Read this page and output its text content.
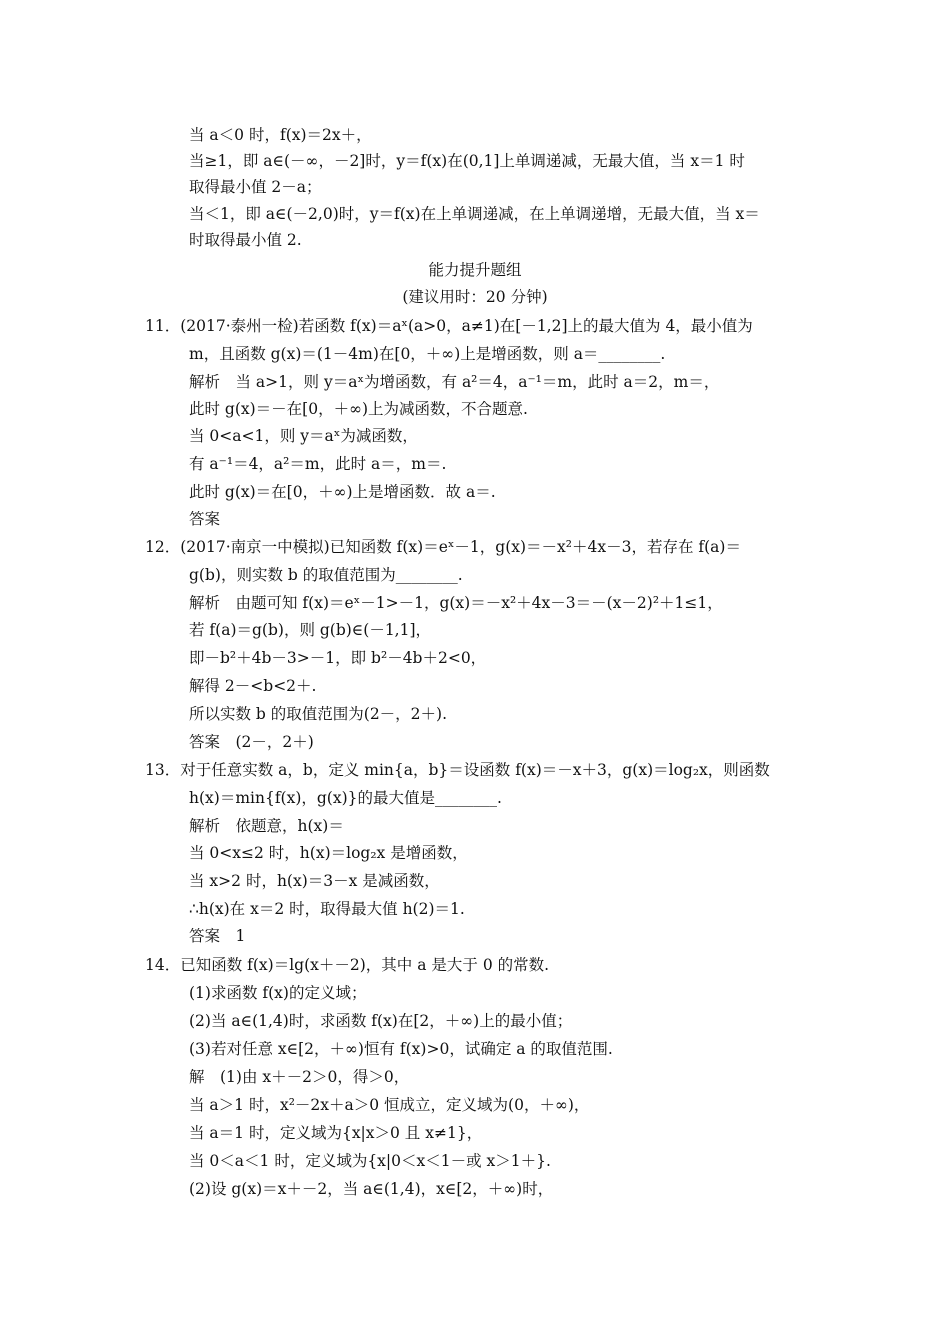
当 a＜0 时，f(x)＝2x＋，
当≥1，即 a∈(－∞，－2]时，y＝f(x)在(0,1]上单调递减，无最大值，当 x＝1 时
取得最小值 2－a；
当＜1，即 a∈(－2,0)时，y＝f(x)在上单调递减，在上单调递增，无最大值，当 x＝
时取得最小值 2.
能力提升题组
(建议用时：20 分钟)
11．(2017·泰州一检)若函数 f(x)＝aˣ(a>0，a≠1)在[－1,2]上的最大值为 4，最小值为
m，且函数 g(x)＝(1－4m)在[0，＋∞)上是增函数，则 a＝________.
解析　当 a>1，则 y＝aˣ为增函数，有 a²＝4，a⁻¹＝m，此时 a＝2，m＝，
此时 g(x)＝－在[0，＋∞)上为减函数，不合题意.
当 0<a<1，则 y＝aˣ为减函数，
有 a⁻¹＝4，a²＝m，此时 a＝，m＝.
此时 g(x)＝在[0，＋∞)上是增函数．故 a＝.
答案
12．(2017·南京一中模拟)已知函数 f(x)＝eˣ－1，g(x)＝－x²＋4x－3，若存在 f(a)＝
g(b)，则实数 b 的取值范围为________.
解析　由题可知 f(x)＝eˣ－1>－1，g(x)＝－x²＋4x－3＝－(x－2)²＋1≤1，
若 f(a)＝g(b)，则 g(b)∈(－1,1]，
即－b²＋4b－3>－1，即 b²－4b＋2<0，
解得 2－<b<2＋.
所以实数 b 的取值范围为(2－，2＋).
答案　(2－，2＋)
13．对于任意实数 a，b，定义 min{a，b}＝设函数 f(x)＝－x＋3，g(x)＝log₂x，则函数
h(x)＝min{f(x)，g(x)}的最大值是________.
解析　依题意，h(x)＝
当 0<x≤2 时，h(x)＝log₂x 是增函数，
当 x>2 时，h(x)＝3－x 是减函数，
∴h(x)在 x＝2 时，取得最大值 h(2)＝1.
答案　1
14．已知函数 f(x)＝lg(x＋－2)，其中 a 是大于 0 的常数.
(1)求函数 f(x)的定义域；
(2)当 a∈(1,4)时，求函数 f(x)在[2，＋∞)上的最小值；
(3)若对任意 x∈[2，＋∞)恒有 f(x)>0，试确定 a 的取值范围.
解　(1)由 x＋－2＞0，得＞0，
当 a＞1 时，x²－2x＋a＞0 恒成立，定义域为(0，＋∞)，
当 a＝1 时，定义域为{x|x＞0 且 x≠1}，
当 0＜a＜1 时，定义域为{x|0＜x＜1－或 x＞1＋}.
(2)设 g(x)＝x＋－2，当 a∈(1,4)，x∈[2，＋∞)时，
